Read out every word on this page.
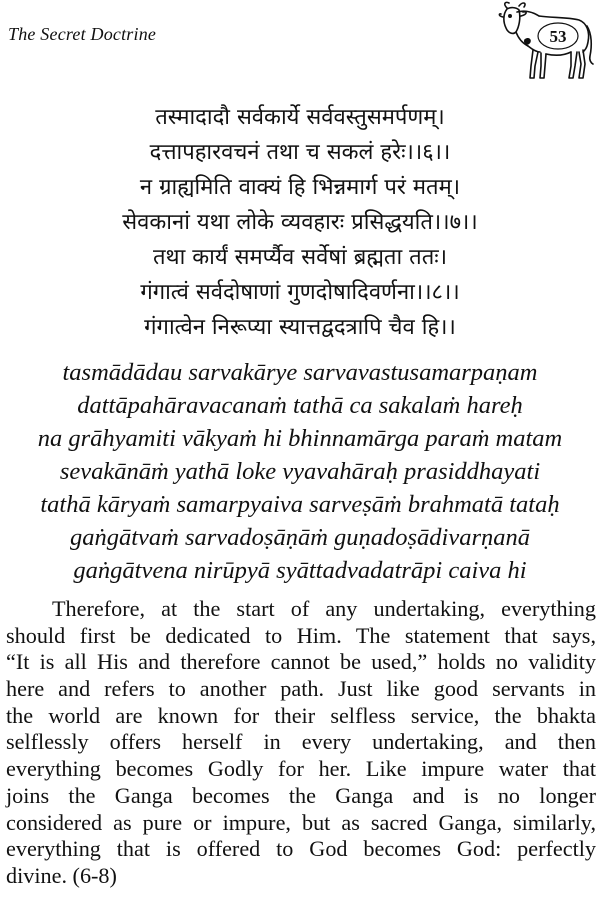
The Secret Doctrine	53
तस्मादादौ सर्वकार्ये सर्ववस्तुसमर्पणम्।
दत्तापहारवचनं तथा च सकलं हरेः।।६।।
न ग्राह्यमिति वाक्यं हि भिन्नमार्ग परं मतम्।
सेवकानां यथा लोके व्यवहारः प्रसिद्धयति।।७।।
तथा कार्यं समर्प्यैव सर्वेषां ब्रह्मता ततः।
गंगात्वं सर्वदोषाणां गुणदोषादिवर्णना।।८।।
गंगात्वेन निरूप्या स्यात्तद्वदत्रापि चैव हि।।
tasmādādau sarvakārye sarvavastusamarpaṇam
dattāpahāravacanaṁ tathā ca sakalaṁ hareḥ
na grāhyamiti vākyaṁ hi bhinnamārga paraṁ matam
sevakānāṁ yathā loke vyavahāraḥ prasiddhayati
tathā kāryaṁ samarpyaiva sarveṣāṁ brahmatā tataḥ
gaṅgātvaṁ sarvadoṣāṇāṁ guṇadoṣādivarṇanā
gaṅgātvena nirūpyā syāttadvadatrāpi caiva hi
Therefore, at the start of any undertaking, everything
should first be dedicated to Him. The statement that says,
“It is all His and therefore cannot be used,” holds no validity
here and refers to another path. Just like good servants in
the world are known for their selfless service, the bhakta
selflessly offers herself in every undertaking, and then
everything becomes Godly for her. Like impure water that
joins the Ganga becomes the Ganga and is no longer
considered as pure or impure, but as sacred Ganga, similarly,
everything that is offered to God becomes God: perfectly
divine. (6-8)
